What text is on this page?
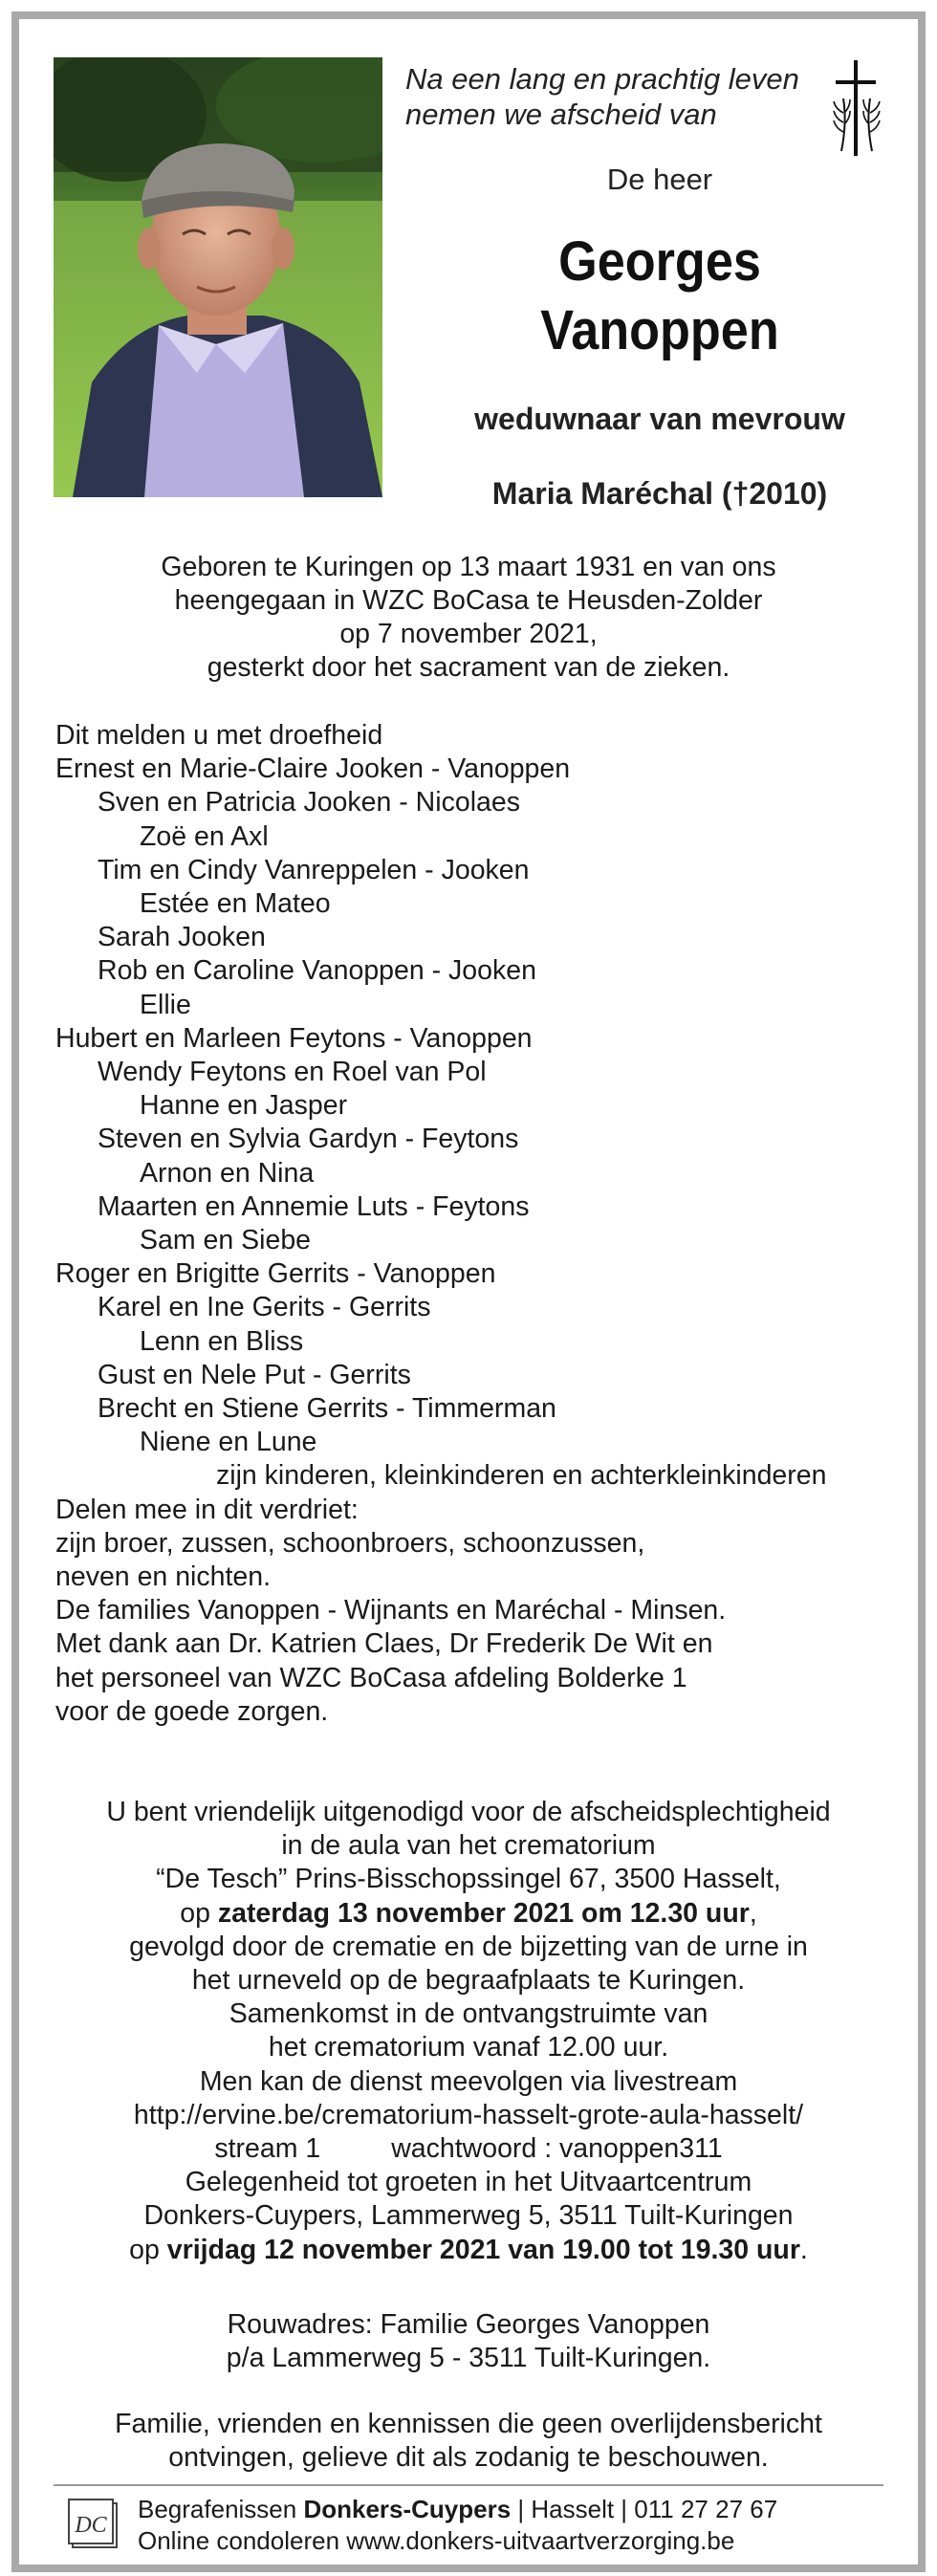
Na een lang en prachtig leven
nemen we afscheid van
De heer
Georges
Vanoppen
weduwnaar van mevrouw
Maria Maréchal (†2010)
Geboren te Kuringen op 13 maart 1931 en van ons
heengegaan in WZC BoCasa te Heusden-Zolder
op 7 november 2021,
gesterkt door het sacrament van de zieken.
Dit melden u met droefheid
Ernest en Marie-Claire Jooken - Vanoppen
Sven en Patricia Jooken - Nicolaes
Zoë en Axl
Tim en Cindy Vanreppelen - Jooken
Estée en Mateo
Sarah Jooken
Rob en Caroline Vanoppen - Jooken
Ellie
Hubert en Marleen Feytons - Vanoppen
Wendy Feytons en Roel van Pol
Hanne en Jasper
Steven en Sylvia Gardyn - Feytons
Arnon en Nina
Maarten en Annemie Luts - Feytons
Sam en Siebe
Roger en Brigitte Gerrits - Vanoppen
Karel en Ine Gerits - Gerrits
Lenn en Bliss
Gust en Nele Put - Gerrits
Brecht en Stiene Gerrits - Timmerman
Niene en Lune
zijn kinderen, kleinkinderen en achterkleinkinderen
Delen mee in dit verdriet:
zijn broer, zussen, schoonbroers, schoonzussen,
neven en nichten.
De families Vanoppen - Wijnants en Maréchal - Minsen.
Met dank aan Dr. Katrien Claes, Dr Frederik De Wit en
het personeel van WZC BoCasa afdeling Bolderke 1
voor de goede zorgen.
U bent vriendelijk uitgenodigd voor de afscheidsplechtigheid
in de aula van het crematorium
“De Tesch” Prins-Bisschopssingel 67, 3500 Hasselt,
op zaterdag 13 november 2021 om 12.30 uur,
gevolgd door de crematie en de bijzetting van de urne in
het urneveld op de begraafplaats te Kuringen.
Samenkomst in de ontvangstruimte van
het crematorium vanaf 12.00 uur.
Men kan de dienst meevolgen via livestream
http://ervine.be/crematorium-hasselt-grote-aula-hasselt/
stream 1	wachtwoord : vanoppen311
Gelegenheid tot groeten in het Uitvaartcentrum
Donkers-Cuypers, Lammerweg 5, 3511 Tuilt-Kuringen
op vrijdag 12 november 2021 van 19.00 tot 19.30 uur.
Rouwadres: Familie Georges Vanoppen
p/a Lammerweg 5 - 3511 Tuilt-Kuringen.
Familie, vrienden en kennissen die geen overlijdensbericht
ontvingen, gelieve dit als zodanig te beschouwen.
DC
Begrafenissen Donkers-Cuypers | Hasselt | 011 27 27 67
Online condoleren www.donkers-uitvaartverzorging.be
